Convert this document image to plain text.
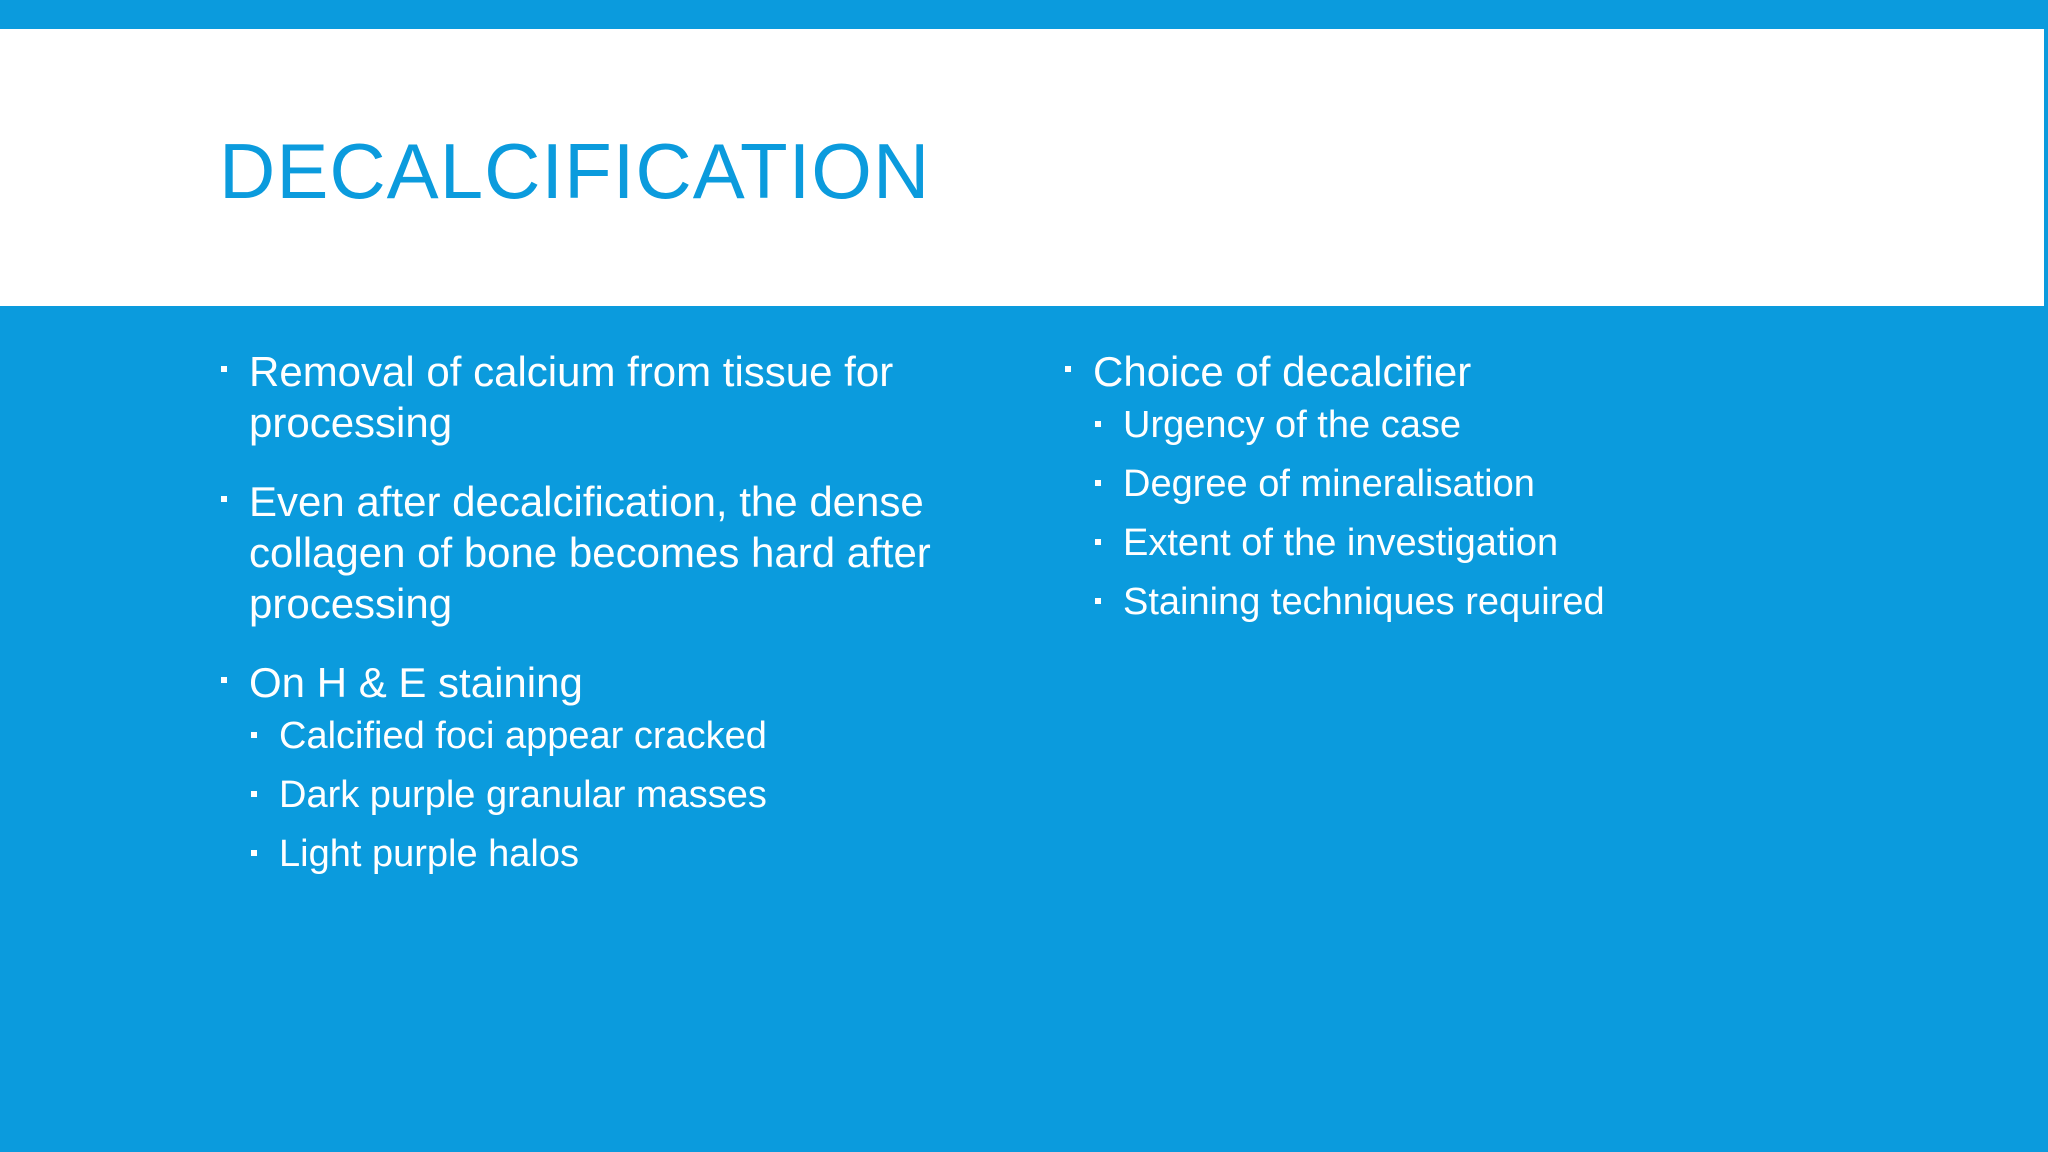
DECALCIFICATION
Removal of calcium from tissue for processing
Even after decalcification, the dense collagen of bone becomes hard after processing
On H & E staining
Calcified foci appear cracked
Dark purple granular masses
Light purple halos
Choice of decalcifier
Urgency of the case
Degree of mineralisation
Extent of the investigation
Staining techniques required
